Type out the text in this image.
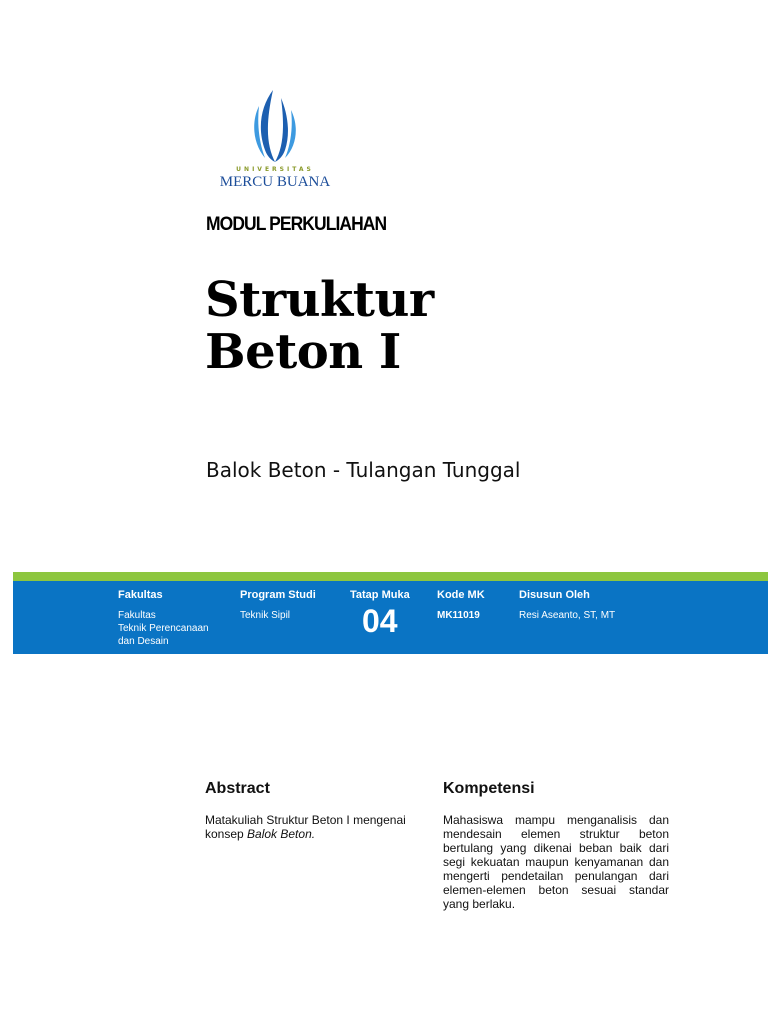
UNIVERSITAS
MERCU BUANA
MODUL PERKULIAHAN
Struktur
Beton I
Balok Beton - Tulangan Tunggal
Fakultas
Fakultas
Teknik Perencanaan
dan Desain
Program Studi
Teknik Sipil
Tatap Muka
04
Kode MK
MK11019
Disusun Oleh
Resi Aseanto, ST, MT
Abstract
Matakuliah Struktur Beton I mengenai konsep Balok Beton.
Kompetensi
Mahasiswa mampu menganalisis dan mendesain elemen struktur beton bertulang yang dikenai beban baik dari segi kekuatan maupun kenyamanan dan mengerti pendetailan penulangan dari elemen-elemen beton sesuai standar yang berlaku.
